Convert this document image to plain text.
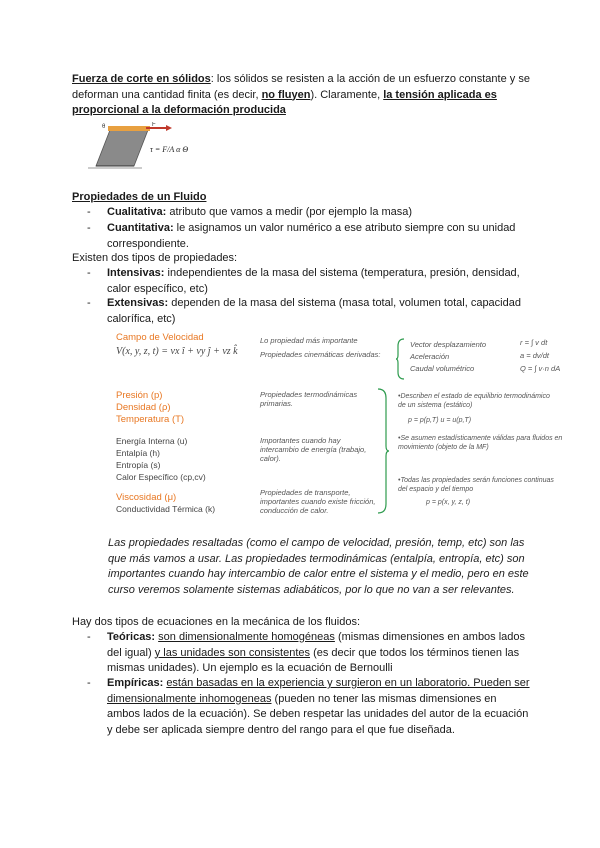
Fuerza de corte en sólidos: los sólidos se resisten a la acción de un esfuerzo constante y se deforman una cantidad finita (es decir, no fluyen). Claramente, la tensión aplicada es proporcional a la deformación producida

F
θ
τ = F/A α Θ

Propiedades de un Fluido

- Cualitativa: atributo que vamos a medir (por ejemplo la masa)
- Cuantitativa: le asignamos un valor numérico a ese atributo siempre con su unidad correspondiente.

Existen dos tipos de propiedades:

- Intensivas: independientes de la masa del sistema (temperatura, presión, densidad, calor específico, etc)
- Extensivas: dependen de la masa del sistema (masa total, volumen total, capacidad calorífica, etc)
Campo de Velocidad
V(x, y, z, t) = vx î + vy ĵ + vz k̂
Lo propiedad más importante
Propiedades cinemáticas derivadas:
Vector desplazamiento
Aceleración
Caudal volumétrico
r = ∫ v dt
a = dv/dt
Q = ∫ v·n dA
Presión (p)
Densidad (ρ)
Temperatura (T)
Propiedades termodinámicas primarias.
Energía Interna (u)
Entalpía (h)
Entropía (s)
Calor Específico (cp,cv)
Importantes cuando hay intercambio de energía (trabajo, calor).
Viscosidad (μ)
Conductividad Térmica (k)
Propiedades de transporte, importantes cuando existe fricción, conducción de calor.
•Describen el estado de equilibrio termodinámico de un sistema (estático)
p = p(p,T) u = u(p,T)
•Se asumen estadísticamente válidas para fluidos en movimiento (objeto de la MF)
•Todas las propiedades serán funciones continuas del espacio y del tiempo
p = p(x, y, z, t)

Las propiedades resaltadas (como el campo de velocidad, presión, temp, etc) son las que más vamos a usar. Las propiedades termodinámicas (entalpía, entropía, etc) son importantes cuando hay intercambio de calor entre el sistema y el medio, pero en este curso veremos solamente sistemas adiabáticos, por lo que no van a ser relevantes.

Hay dos tipos de ecuaciones en la mecánica de los fluidos:

- Teóricas: son dimensionalmente homogéneas (mismas dimensiones en ambos lados del igual) y las unidades son consistentes (es decir que todos los términos tienen las mismas unidades). Un ejemplo es la ecuación de Bernoulli
- Empíricas: están basadas en la experiencia y surgieron en un laboratorio. Pueden ser dimensionalmente inhomogeneas (pueden no tener las mismas dimensiones en ambos lados de la ecuación). Se deben respetar las unidades del autor de la ecuación y debe ser aplicada siempre dentro del rango para el que fue diseñada.
